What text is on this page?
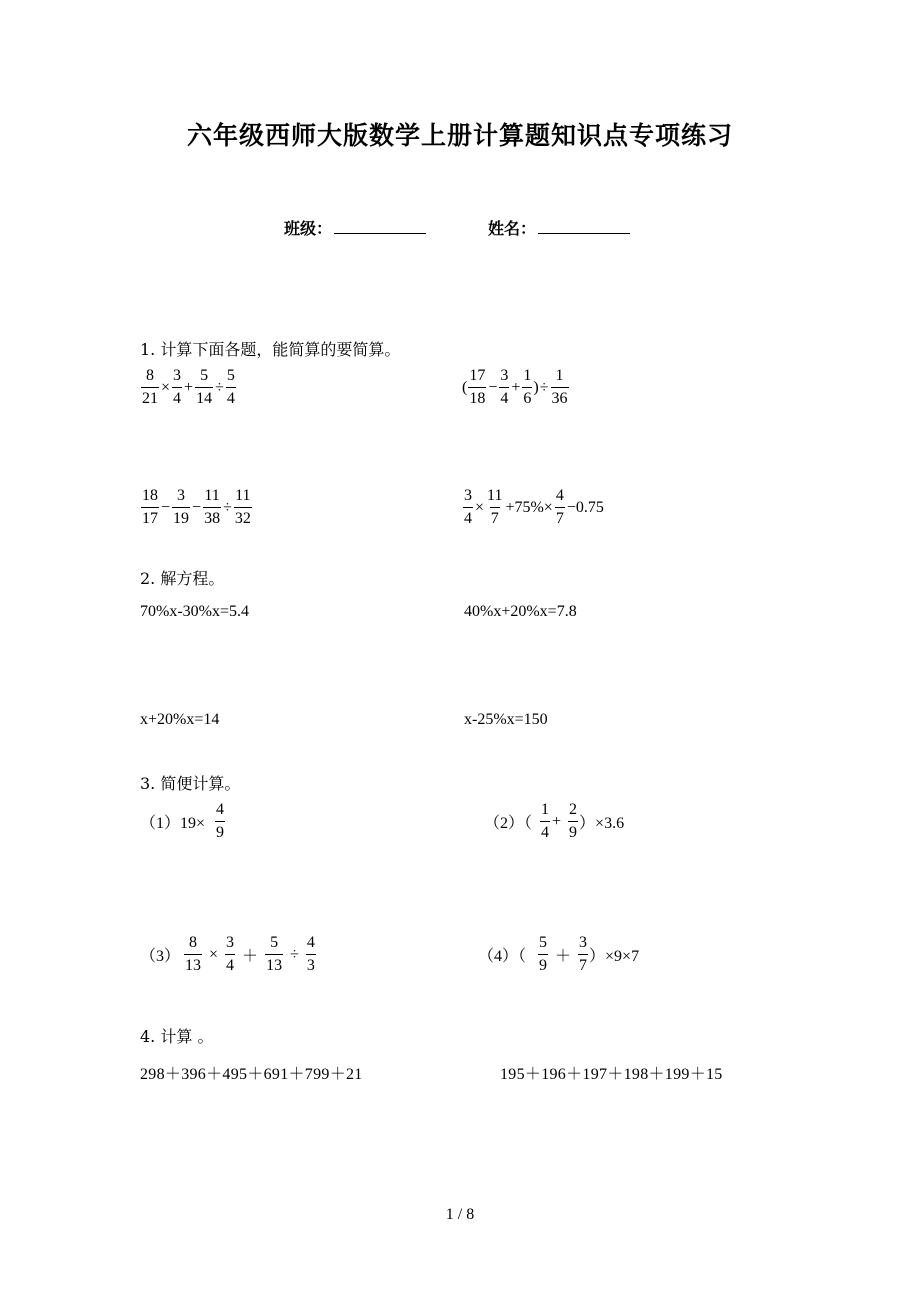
六年级西师大版数学上册计算题知识点专项练习
班级：	姓名：
1. 计算下面各题，能简算的要简算。
$\frac{8}{21} \times \frac{3}{4} + \frac{5}{14} \div \frac{5}{4}$	( $\frac{17}{18} - \frac{3}{4} + \frac{1}{6}$ ) ÷ $\frac{1}{36}$
$\frac{18}{17} - \frac{3}{19} - \frac{11}{38} \div \frac{11}{32}$	$\frac{3}{4} \times \frac{11}{7} +75\%\times \frac{4}{7} -0.75$
2. 解方程。
70%x-30%x=5.4	40%x+20%x=7.8
x+20%x=14	x-25%x=150
3. 简便计算。
$(1)19\times \frac{4}{9}$	$(2)( \frac{1}{4} + \frac{2}{9} )\times 3.6$
$(3) \frac{8}{13} \times \frac{3}{4} + \frac{5}{13} \div \frac{4}{3}$	$(4)( \frac{5}{9} + \frac{3}{7} )\times 9\times 7$
4. 计算 。
298＋396＋495＋691＋799＋21	195＋196＋197＋198＋199＋15
1 / 8
